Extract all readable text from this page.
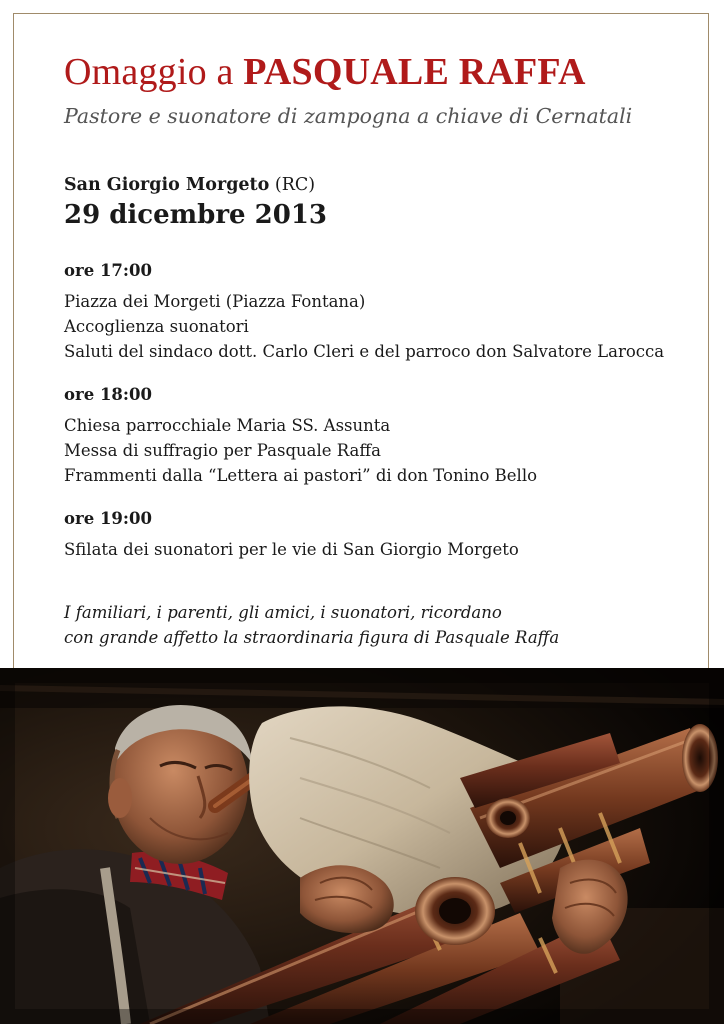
Omaggio a PASQUALE RAFFA
Pastore e suonatore di zampogna a chiave di Cernatali
San Giorgio Morgeto (RC)
29 dicembre 2013
ore 17:00
Piazza dei Morgeti (Piazza Fontana)
Accoglienza suonatori
Saluti del sindaco dott. Carlo Cleri e del parroco don Salvatore Larocca
ore 18:00
Chiesa parrocchiale Maria SS. Assunta
Messa di suffragio per Pasquale Raffa
Frammenti dalla “Lettera ai pastori” di don Tonino Bello
ore 19:00
Sfilata dei suonatori per le vie di San Giorgio Morgeto
I familiari, i parenti, gli amici, i suonatori, ricordano
con grande affetto la straordinaria figura di Pasquale Raffa
